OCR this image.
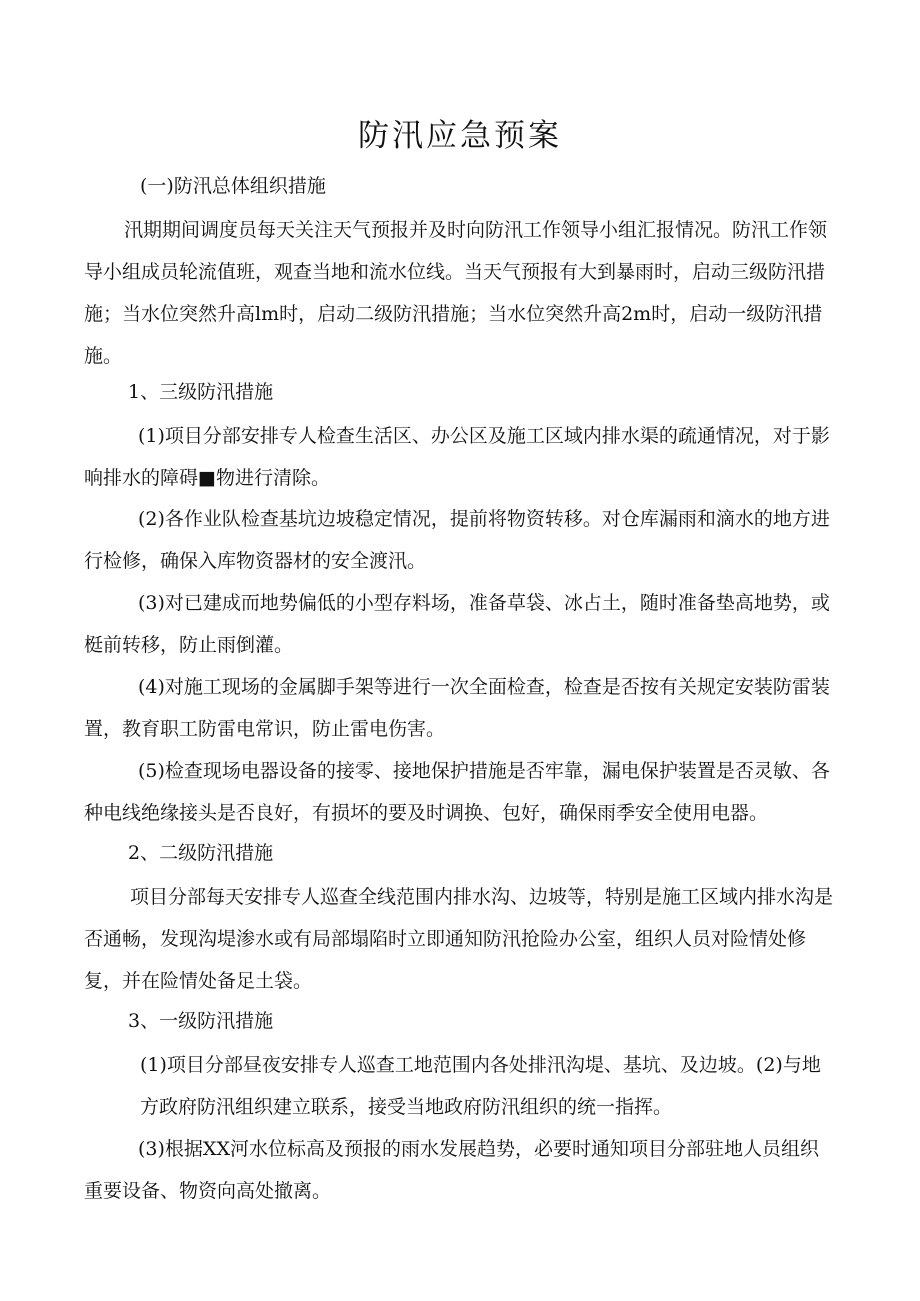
防汛应急预案
(一)防汛总体组织措施

汛期期间调度员每天关注天气预报并及时向防汛工作领导小组汇报情况。防汛工作领导小组成员轮流值班，观查当地和流水位线。当天气预报有大到暴雨时，启动三级防汛措施；当水位突然升高lm时，启动二级防汛措施；当水位突然升高2m时，启动一级防汛措施。

1、三级防汛措施

(1)项目分部安排专人检查生活区、办公区及施工区域内排水渠的疏通情况，对于影响排水的障碍■物进行清除。

(2)各作业队检查基坑边坡稳定情况，提前将物资转移。对仓库漏雨和滴水的地方进行检修，确保入库物资器材的安全渡汛。

(3)对已建成而地势偏低的小型存料场，准备草袋、冰占土，随时准备垫高地势，或梃前转移，防止雨倒灌。

(4)对施工现场的金属脚手架等进行一次全面检查，检查是否按有关规定安装防雷装置，教育职工防雷电常识，防止雷电伤害。

(5)检查现场电器设备的接零、接地保护措施是否牢靠，漏电保护装置是否灵敏、各种电线绝缘接头是否良好，有损坏的要及时调换、包好，确保雨季安全使用电器。

2、二级防汛措施

项目分部每天安排专人巡查全线范围内排水沟、边坡等，特别是施工区域内排水沟是否通畅，发现沟堤渗水或有局部塌陷时立即通知防汛抢险办公室，组织人员对险情处修复，并在险情处备足土袋。

3、一级防汛措施

(1)项目分部昼夜安排专人巡查工地范围内各处排汛沟堤、基坑、及边坡。(2)与地方政府防汛组织建立联系，接受当地政府防汛组织的统一指挥。

(3)根据XX河水位标高及预报的雨水发展趋势，必要时通知项目分部驻地人员组织重要设备、物资向高处撤离。
